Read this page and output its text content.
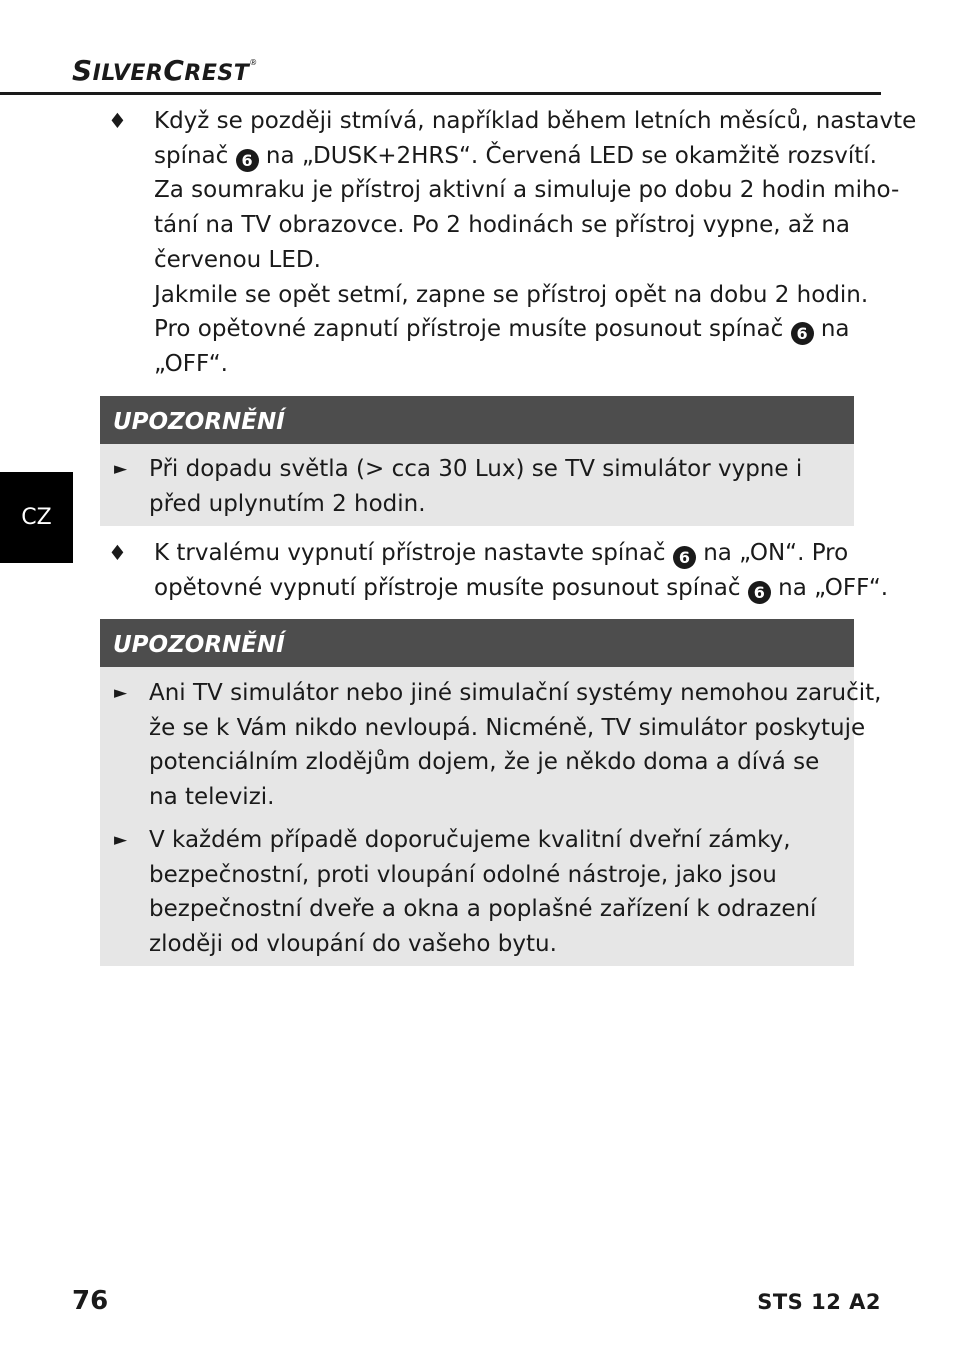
SILVERCREST®
CZ
♦ Když se později stmívá, například během letních měsíců, nastavte
spínač 6 na „DUSK+2HRS“. Červená LED se okamžitě rozsvítí.
Za soumraku je přístroj aktivní a simuluje po dobu 2 hodin miho-
tání na TV obrazovce. Po 2 hodinách se přístroj vypne, až na
červenou LED.
Jakmile se opět setmí, zapne se přístroj opět na dobu 2 hodin.
Pro opětovné zapnutí přístroje musíte posunout spínač 6 na
„OFF“.
UPOZORNĚNÍ
► Při dopadu světla (> cca 30 Lux) se TV simulátor vypne i
před uplynutím 2 hodin.
♦ K trvalému vypnutí přístroje nastavte spínač 6 na „ON“. Pro
opětovné vypnutí přístroje musíte posunout spínač 6 na „OFF“.
UPOZORNĚNÍ
► Ani TV simulátor nebo jiné simulační systémy nemohou zaručit,
že se k Vám nikdo nevloupá. Nicméně, TV simulátor poskytuje
potenciálním zlodějům dojem, že je někdo doma a dívá se
na televizi.
► V každém případě doporučujeme kvalitní dveřní zámky,
bezpečnostní, proti vloupání odolné nástroje, jako jsou
bezpečnostní dveře a okna a poplašné zařízení k odrazení
zloději od vloupání do vašeho bytu.
76	STS 12 A2
